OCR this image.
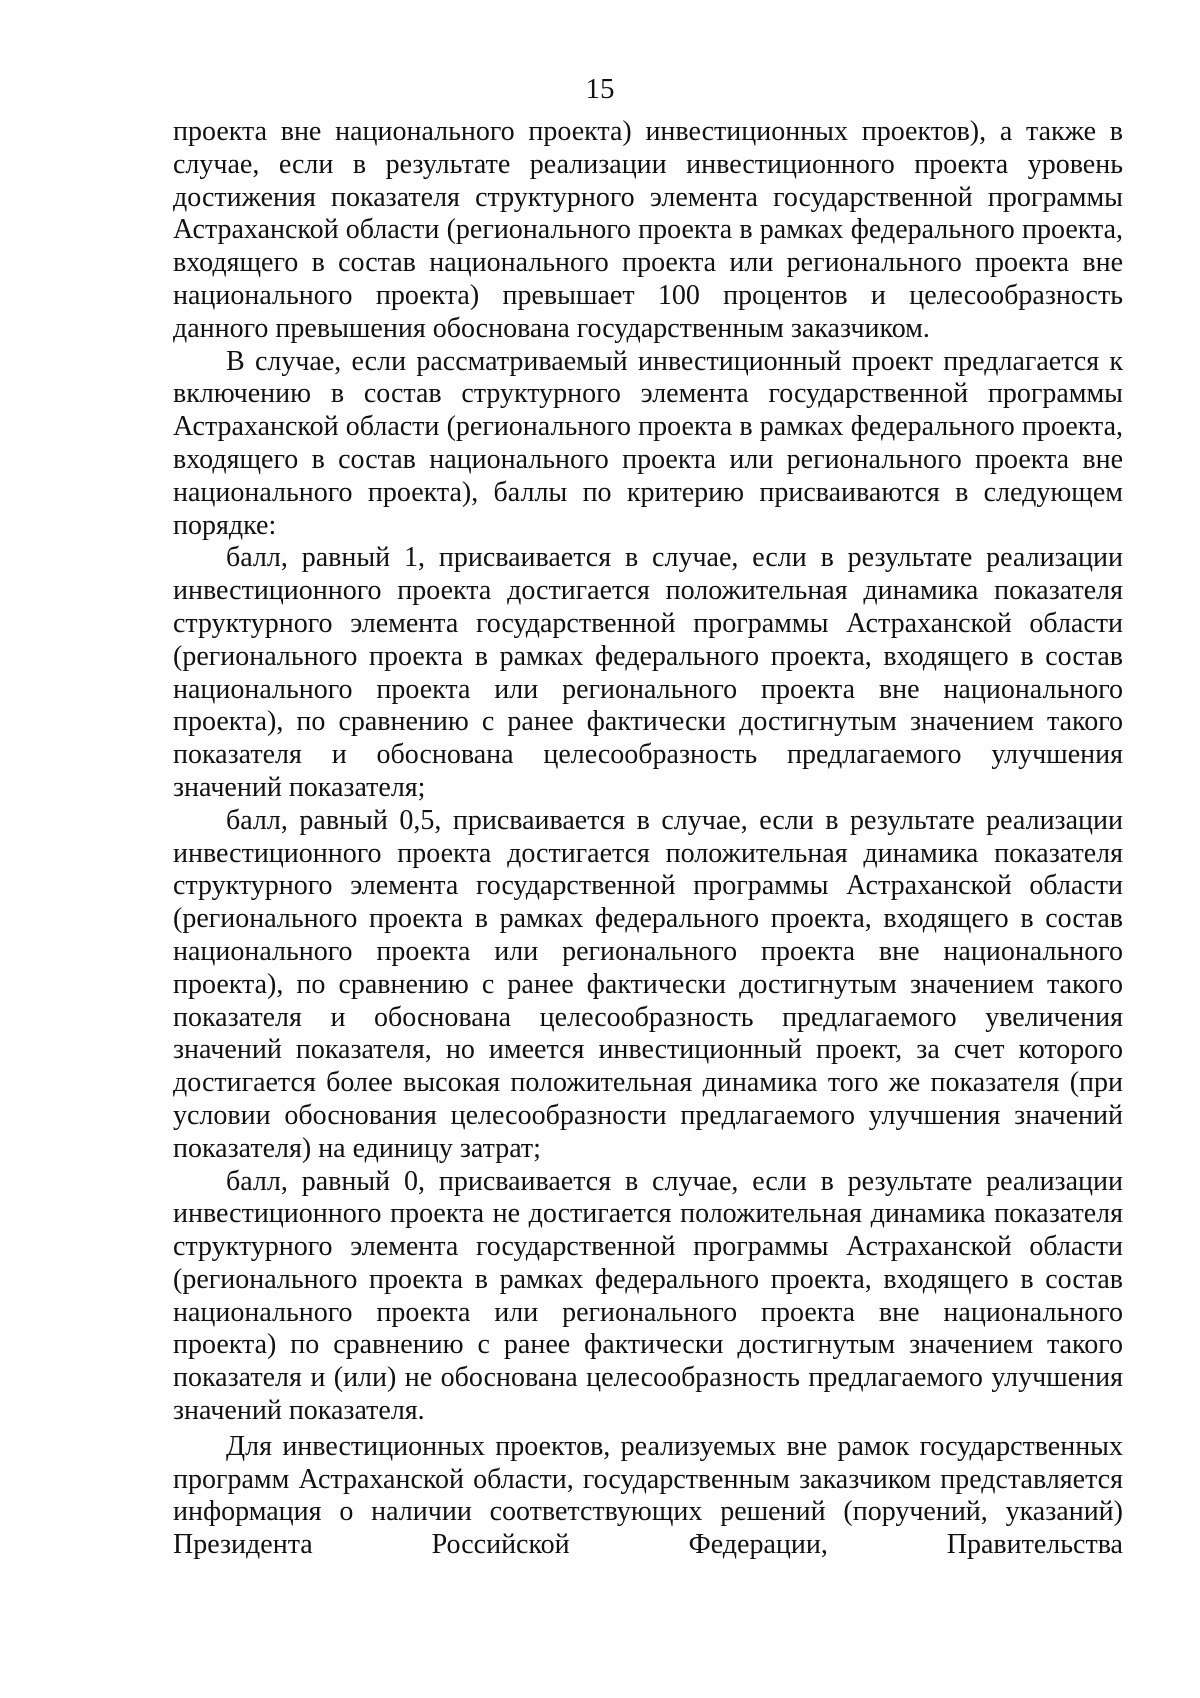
15

проекта вне национального проекта) инвестиционных проектов), а также в случае, если в результате реализации инвестиционного проекта уровень достижения показателя структурного элемента государственной программы Астраханской области (регионального проекта в рамках федерального проекта, входящего в состав национального проекта или регионального проекта вне национального проекта) превышает 100 процентов и целесообразность данного превышения обоснована государственным заказчиком.

В случае, если рассматриваемый инвестиционный проект предлагается к включению в состав структурного элемента государственной программы Астраханской области (регионального проекта в рамках федерального проекта, входящего в состав национального проекта или регионального проекта вне национального проекта), баллы по критерию присваиваются в следующем порядке:

балл, равный 1, присваивается в случае, если в результате реализации инвестиционного проекта достигается положительная динамика показателя структурного элемента государственной программы Астраханской области (регионального проекта в рамках федерального проекта, входящего в состав национального проекта или регионального проекта вне национального проекта), по сравнению с ранее фактически достигнутым значением такого показателя и обоснована целесообразность предлагаемого улучшения значений показателя;

балл, равный 0,5, присваивается в случае, если в результате реализации инвестиционного проекта достигается положительная динамика показателя структурного элемента государственной программы Астраханской области (регионального проекта в рамках федерального проекта, входящего в состав национального проекта или регионального проекта вне национального проекта), по сравнению с ранее фактически достигнутым значением такого показателя и обоснована целесообразность предлагаемого увеличения значений показателя, но имеется инвестиционный проект, за счет которого достигается более высокая положительная динамика того же показателя (при условии обоснования целесообразности предлагаемого улучшения значений показателя) на единицу затрат;

балл, равный 0, присваивается в случае, если в результате реализации инвестиционного проекта не достигается положительная динамика показателя структурного элемента государственной программы Астраханской области (регионального проекта в рамках федерального проекта, входящего в состав национального проекта или регионального проекта вне национального проекта) по сравнению с ранее фактически достигнутым значением такого показателя и (или) не обоснована целесообразность предлагаемого улучшения значений показателя.

Для инвестиционных проектов, реализуемых вне рамок государственных программ Астраханской области, государственным заказчиком представляется информация о наличии соответствующих решений (поручений, указаний) Президента Российской Федерации, Правительства
